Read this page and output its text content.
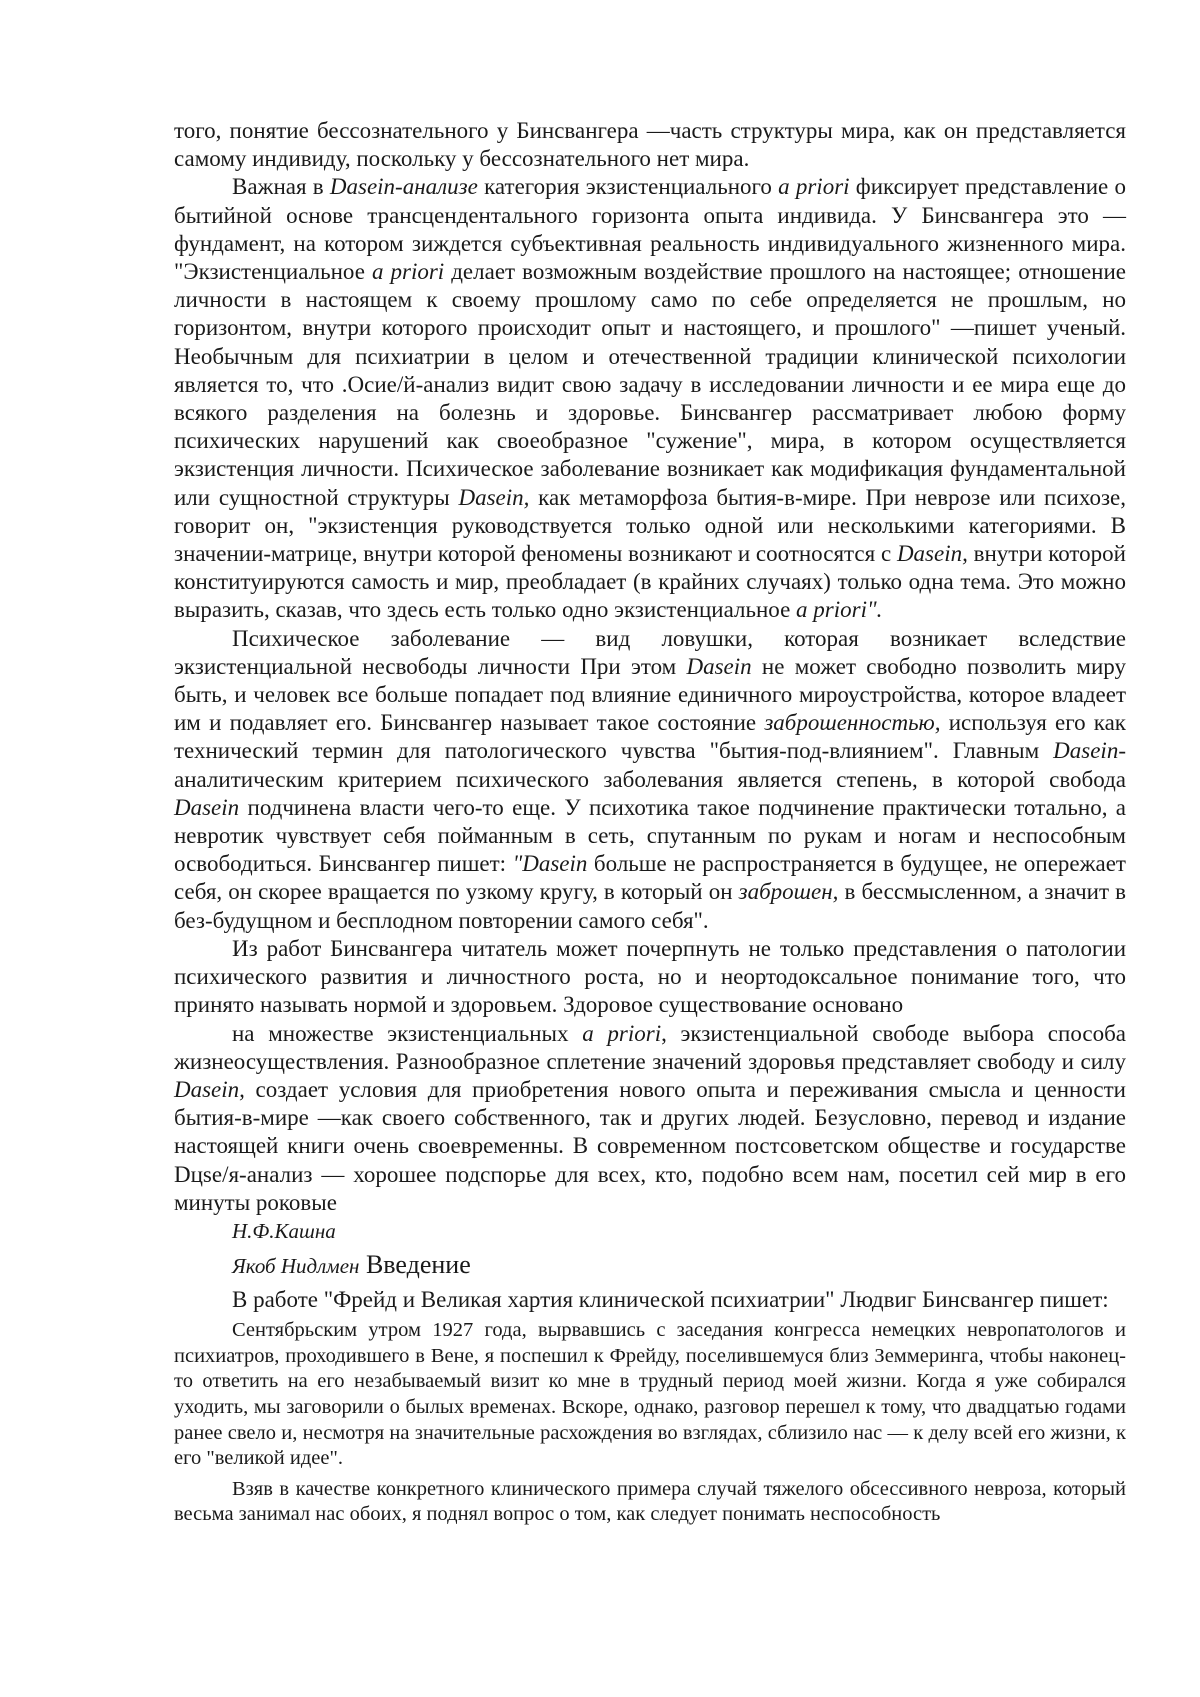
того, понятие бессознательного у Бинсвангера —часть структуры мира, как он представляется самому индивиду, поскольку у бессознательного нет мира.

Важная в Dasein-анализе категория экзистенциального a priori фиксирует представление о бытийной основе трансцендентального горизонта опыта индивида. У Бинсвангера это — фундамент, на котором зиждется субъективная реальность индивидуального жизненного мира. "Экзистенциальное a priori делает возможным воздействие прошлого на настоящее; отношение личности в настоящем к своему прошлому само по себе определяется не прошлым, но горизонтом, внутри которого происходит опыт и настоящего, и прошлого" —пишет ученый. Необычным для психиатрии в целом и отечественной традиции клинической психологии является то, что .Осие/й-анализ видит свою задачу в исследовании личности и ее мира еще до всякого разделения на болезнь и здоровье. Бинсвангер рассматривает любою форму психических нарушений как своеобразное "сужение", мира, в котором осуществляется экзистенция личности. Психическое заболевание возникает как модификация фундаментальной или сущностной структуры Dasein, как метаморфоза бытия-в-мире. При неврозе или психозе, говорит он, "экзистенция руководствуется только одной или несколькими категориями. В значении-матрице, внутри которой феномены возникают и соотносятся с Dasein, внутри которой конституируются самость и мир, преобладает (в крайних случаях) только одна тема. Это можно выразить, сказав, что здесь есть только одно экзистенциальное a priori".

Психическое заболевание — вид ловушки, которая возникает вследствие экзистенциальной несвободы личности При этом Dasein не может свободно позволить миру быть, и человек все больше попадает под влияние единичного мироустройства, которое владеет им и подавляет его. Бинсвангер называет такое состояние заброшенностью, используя его как технический термин для патологического чувства "бытия-под-влиянием". Главным Dasein-аналитическим критерием психического заболевания является степень, в которой свобода Dasein подчинена власти чего-то еще. У психотика такое подчинение практически тотально, а невротик чувствует себя пойманным в сеть, спутанным по рукам и ногам и неспособным освободиться. Бинсвангер пишет: "Dasein больше не распространяется в будущее, не опережает себя, он скорее вращается по узкому кругу, в который он заброшен, в бессмысленном, а значит в без-будущном и бесплодном повторении самого себя".

Из работ Бинсвангера читатель может почерпнуть не только представления о патологии психического развития и личностного роста, но и неортодоксальное понимание того, что принято называть нормой и здоровьем. Здоровое существование основано

на множестве экзистенциальных a priori, экзистенциальной свободе выбора способа жизнеосуществления. Разнообразное сплетение значений здоровья представляет свободу и силу Dasein, создает условия для приобретения нового опыта и переживания смысла и ценности бытия-в-мире —как своего собственного, так и других людей. Безусловно, перевод и издание настоящей книги очень своевременны. В современном постсоветском обществе и государстве Dцse/я-анализ — хорошее подспорье для всех, кто, подобно всем нам, посетил сей мир в его минуты роковые

Н.Ф.Кашна
Якоб Нидлмен Введение

В работе "Фрейд и Великая хартия клинической психиатрии" Людвиг Бинсвангер пишет:

Сентябрьским утром 1927 года, вырвавшись с заседания конгресса немецких невропатологов и психиатров, проходившего в Вене, я поспешил к Фрейду, поселившемуся близ Земмеринга, чтобы наконец-то ответить на его незабываемый визит ко мне в трудный период моей жизни. Когда я уже собирался уходить, мы заговорили о былых временах. Вскоре, однако, разговор перешел к тому, что двадцатью годами ранее свело и, несмотря на значительные расхождения во взглядах, сблизило нас — к делу всей его жизни, к его "великой идее".

Взяв в качестве конкретного клинического примера случай тяжелого обсессивного невроза, который весьма занимал нас обоих, я поднял вопрос о том, как следует понимать неспособность
